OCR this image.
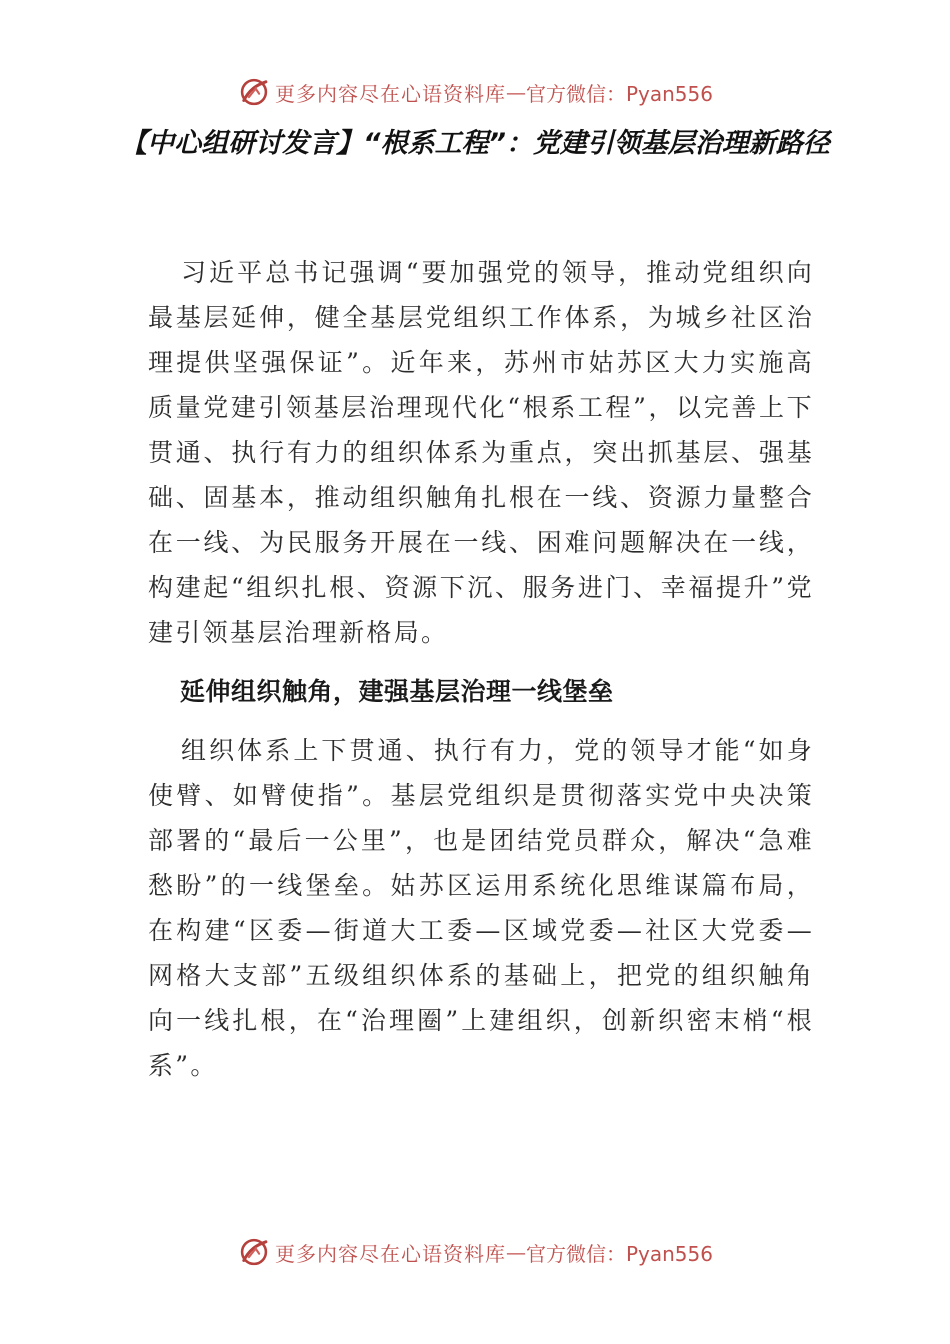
更多内容尽在心语资料库 — 官方微信：Pyan556
【中心组研讨发言】“根系工程”：党建引领基层治理新路径

习近平总书记强调“要加强党的领导，推动党组织向最基层延伸，健全基层党组织工作体系，为城乡社区治理提供坚强保证”。近年来，苏州市姑苏区大力实施高质量党建引领基层治理现代化“根系工程”，以完善上下贯通、执行有力的组织体系为重点，突出抓基层、强基础、固基本，推动组织触角扎根在一线、资源力量整合在一线、为民服务开展在一线、困难问题解决在一线，构建起“组织扎根、资源下沉、服务进门、幸福提升”党建引领基层治理新格局。

延伸组织触角，建强基层治理一线堡垒

组织体系上下贯通、执行有力，党的领导才能“如身使臂、如臂使指”。基层党组织是贯彻落实党中央决策部署的“最后一公里”，也是团结党员群众，解决“急难愁盼”的一线堡垒。姑苏区运用系统化思维谋篇布局，在构建“区委—街道大工委—区域党委—社区大党委—网格大支部”五级组织体系的基础上，把党的组织触角向一线扎根，在“治理圈”上建组织，创新织密末梢“根系”。

更多内容尽在心语资料库 — 官方微信：Pyan556
